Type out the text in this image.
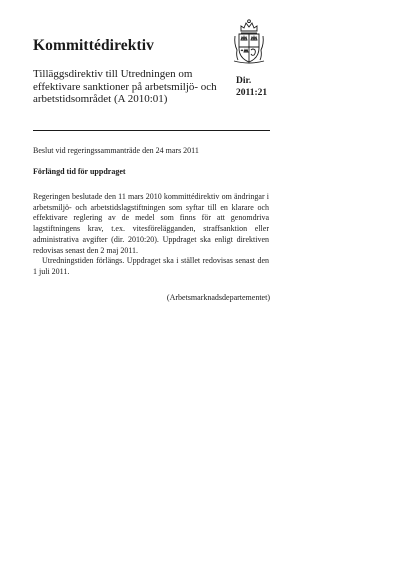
Kommittédirektiv

Tilläggsdirektiv till Utredningen om effektivare sanktioner på arbetsmiljö- och arbetstidsområdet (A 2010:01)

Dir.
2011:21
Beslut vid regeringssammanträde den 24 mars 2011
Förlängd tid för uppdraget

Regeringen beslutade den 11 mars 2010 kommittédirektiv om ändringar i arbetsmiljö- och arbetstidslagstiftningen som syftar till en klarare och effektivare reglering av de medel som finns för att genomdriva lagstiftningens krav, t.ex. vitesförelägganden, straffsanktion eller administrativa avgifter (dir. 2010:20). Uppdraget ska enligt direktiven redovisas senast den 2 maj 2011.

Utredningstiden förlängs. Uppdraget ska i stället redovisas senast den 1 juli 2011.

(Arbetsmarknadsdepartementet)
